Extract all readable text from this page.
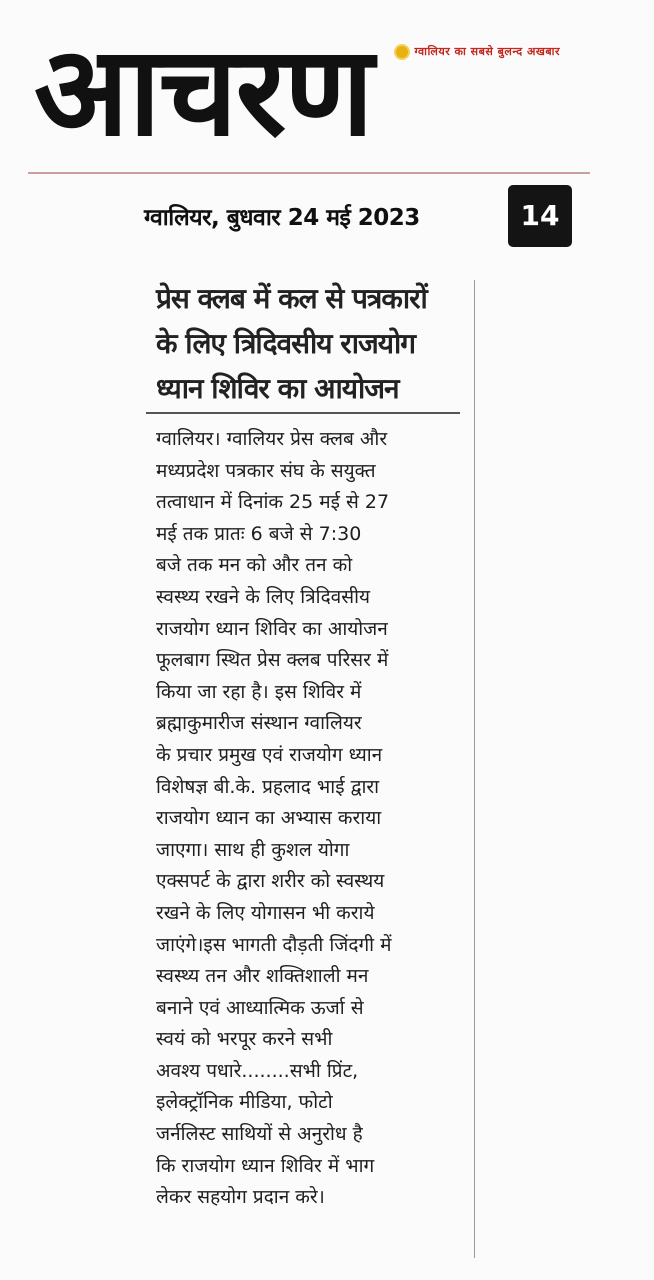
आचरण	ग्वालियर का सबसे बुलन्द अखबार
ग्वालियर, बुधवार 24 मई 2023	14
प्रेस क्लब में कल से पत्रकारों
के लिए त्रिदिवसीय राजयोग
ध्यान शिविर का आयोजन
ग्वालियर। ग्वालियर प्रेस क्लब और
मध्यप्रदेश पत्रकार संघ के सयुक्त
तत्वाधान में दिनांक 25 मई से 27
मई तक प्रातः 6 बजे से 7:30
बजे तक मन को और तन को
स्वस्थ्य रखने के लिए त्रिदिवसीय
राजयोग ध्यान शिविर का आयोजन
फूलबाग स्थित प्रेस क्लब परिसर में
किया जा रहा है। इस शिविर में
ब्रह्माकुमारीज संस्थान ग्वालियर
के प्रचार प्रमुख एवं राजयोग ध्यान
विशेषज्ञ बी.के. प्रहलाद भाई द्वारा
राजयोग ध्यान का अभ्यास कराया
जाएगा। साथ ही कुशल योगा
एक्सपर्ट के द्वारा शरीर को स्वस्थय
रखने के लिए योगासन भी कराये
जाएंगे।इस भागती दौड़ती जिंदगी में
स्वस्थ्य तन और शक्तिशाली मन
बनाने एवं आध्यात्मिक ऊर्जा से
स्वयं को भरपूर करने सभी
अवश्य पधारे........सभी प्रिंट,
इलेक्ट्रॉनिक मीडिया, फोटो
जर्नलिस्ट साथियों से अनुरोध है
कि राजयोग ध्यान शिविर में भाग
लेकर सहयोग प्रदान करे।
